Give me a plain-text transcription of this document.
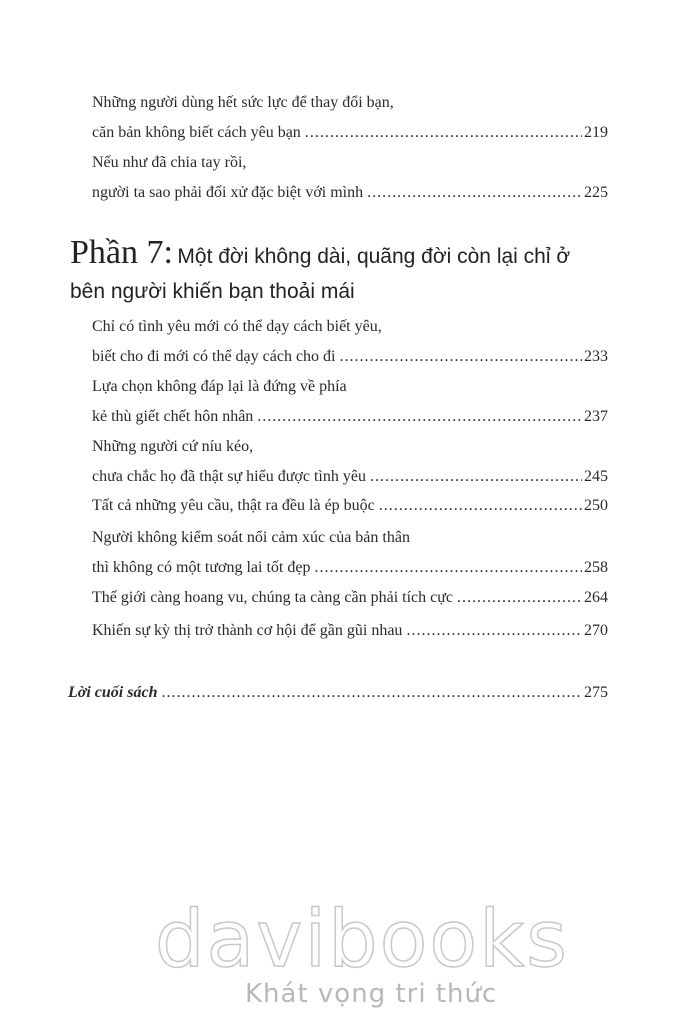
Những người dùng hết sức lực để thay đổi bạn,
căn bản không biết cách yêu bạn .....	219
Nếu như đã chia tay rồi,
người ta sao phải đối xử đặc biệt với mình .....	225
Phần 7: Một đời không dài, quãng đời còn lại chỉ ở
bên người khiến bạn thoải mái
Chỉ có tình yêu mới có thể dạy cách biết yêu,
biết cho đi mới có thể dạy cách cho đi .....	233
Lựa chọn không đáp lại là đứng về phía
kẻ thù giết chết hôn nhân .....	237
Những người cứ níu kéo,
chưa chắc họ đã thật sự hiểu được tình yêu .....	245
Tất cả những yêu cầu, thật ra đều là ép buộc .....	250
Người không kiểm soát nổi cảm xúc của bản thân
thì không có một tương lai tốt đẹp .....	258
Thế giới càng hoang vu, chúng ta càng cần phải tích cực .....	264
Khiến sự kỳ thị trở thành cơ hội để gần gũi nhau .....	270
Lời cuối sách .....	275
davibooks
Khát vọng tri thức
